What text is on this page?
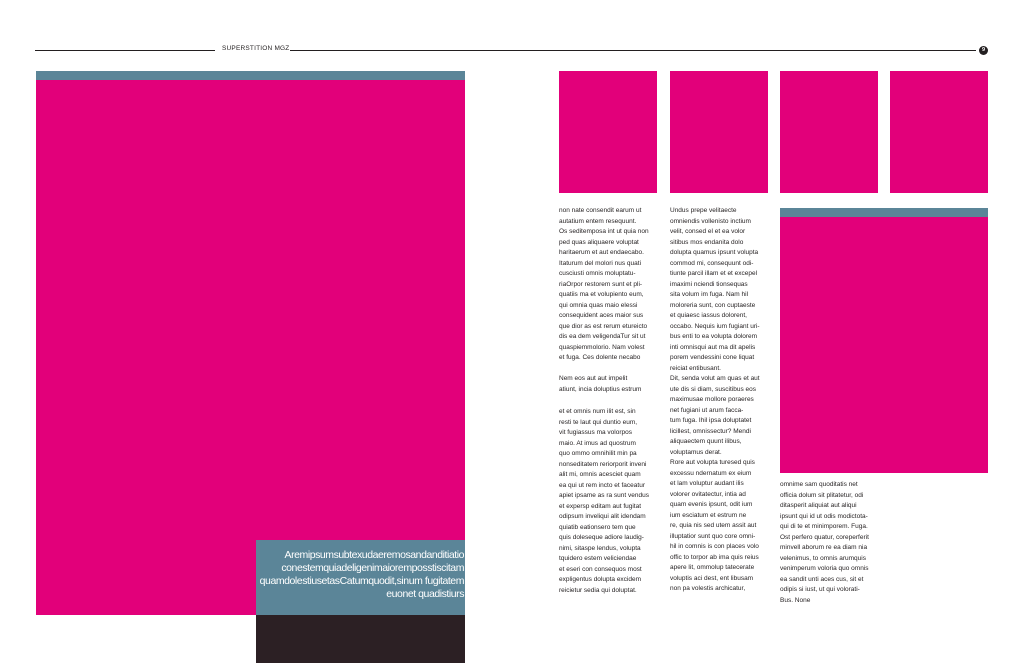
SUPERSTITION MGZ	9
Aremipsumsubtexudaeremosandanditiatio conestemquiadeligenimaioremposstiscitam quamdolestiusetasCatumquodit,sinum fugitatem euonet quadistiurs

non nate consendit earum ut
autatium entem resequunt.
Os seditemposa int ut quia non
ped quas aliquaere voluptat
haritaerum et aut endaecabo.
Itaturum del molori nus quati
cusciusti omnis moluptatu-
riaOrpor restorem sunt et pli-
quatiis ma et volupiento eum,
qui omnia quas maio elessi
consequident aces maior sus
que dior as est rerum etureicto
dis ea dem veligendaTur sit ut
quaspiemmolorio. Nam volest
et fuga. Ces dolente necabo

Nem eos aut aut impelit
atiunt, incia doluptius estrum

et et omnis num ilit est, sin
resti te laut qui duntio eum,
vit fugiassus ma volorpos
maio. At imus ad quostrum
quo ommo omnihilit min pa
nonseditatem reriorporit inveni
alit mi, omnis acesciet quam
ea qui ut rem incto et faceatur
apiet ipsame as ra sunt vendus
et expersp editam aut fugitat
odipsum inveliqui alit idendam
quiatib eationsero tem que
quis doleseque adiore laudig-
nimi, sitaspe lendus, volupta
tquidero estem veliciendae
et eseri con consequos most
expligentus dolupta excidem
reicietur sedia qui doluptat.

Undus prepe velitaecte
omniendis vollenisto inctium
velit, consed el et ea volor
sitibus mos endanita dolo
dolupta quamus ipsunt volupta
commod mi, consequunt odi-
tiunte parcil illam et et excepel
imaximi nciendi tionsequas
sita volum im fuga. Nam hil
moloreria sunt, con cuptaeste
et quiaesc iassus dolorent,
occabo. Nequis ium fugiant uri-
bus enti to ea volupta dolorem
inti omnisqui aut ma dit apelis
porem vendessini cone liquat
reiciat entibusant.
Dit, senda volut am quas et aut
ute dis si diam, suscitibus eos
maximusae mollore poraeres
net fugiani ut arum facca-
tum fuga. Ihil ipsa doluptatet
licillest, omnissectur? Mendi
aliquaectem quunt ilibus,
voluptamus derat.
Rore aut volupta turesed quis
excessu ndernatum ex eium
et lam voluptur audant ilis
volorer ovitatectur, intia ad
quam evenis ipsunt, odit ium
ium esciatum et estrum ne
re, quia nis sed utem assit aut
illuptatior sunt quo core omni-
hil in comnis is con places volo
offic to torpor ab ima quis reius
apere lit, ommolup tatecerate
voluptis aci dest, ent libusam
non pa volestis archicatur,

omnime sam quoditatis net
officia dolum sit plitatetur, odi
ditasperit aliquiat aut aliqui
ipsunt qui id ut odis modictota-
qui di te et minimporem. Fuga.
Ost perfero quatur, coreperferit
minvell aborum re ea diam nia
velenimus, to omnis arumquis
venimperum voloria quo omnis
ea sandit unti aces cus, sit et
odipis si iust, ut qui volorati-
Bus. None
